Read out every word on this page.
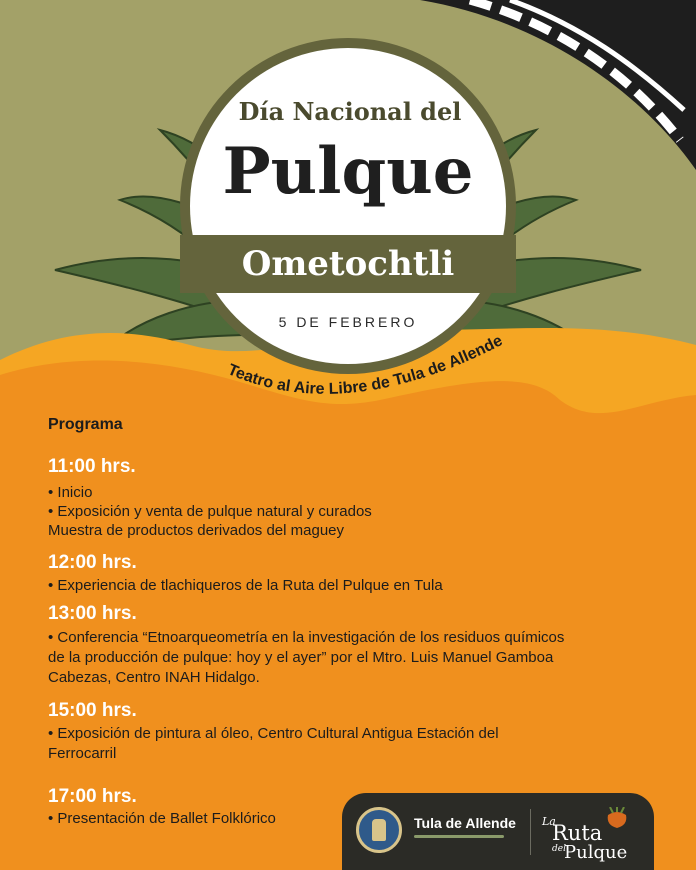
Día Nacional del
Pulque
Ometochtli
5 DE FEBRERO
Teatro al Aire Libre de Tula de Allende
Programa
11:00 hrs.
• Inicio
• Exposición y venta de pulque natural y curados
Muestra de productos derivados del maguey
12:00 hrs.
• Experiencia de tlachiqueros de la Ruta del Pulque en Tula
13:00 hrs.
• Conferencia “Etnoarqueometría en la investigación de los residuos químicos
de la producción de pulque: hoy y el ayer” por el Mtro. Luis Manuel Gamboa
Cabezas, Centro INAH Hidalgo.
15:00 hrs.
• Exposición de pintura al óleo, Centro Cultural Antigua Estación del
Ferrocarril
17:00 hrs.
• Presentación de Ballet Folklórico	Tula de Allende La
Ruta
del
Pulque
